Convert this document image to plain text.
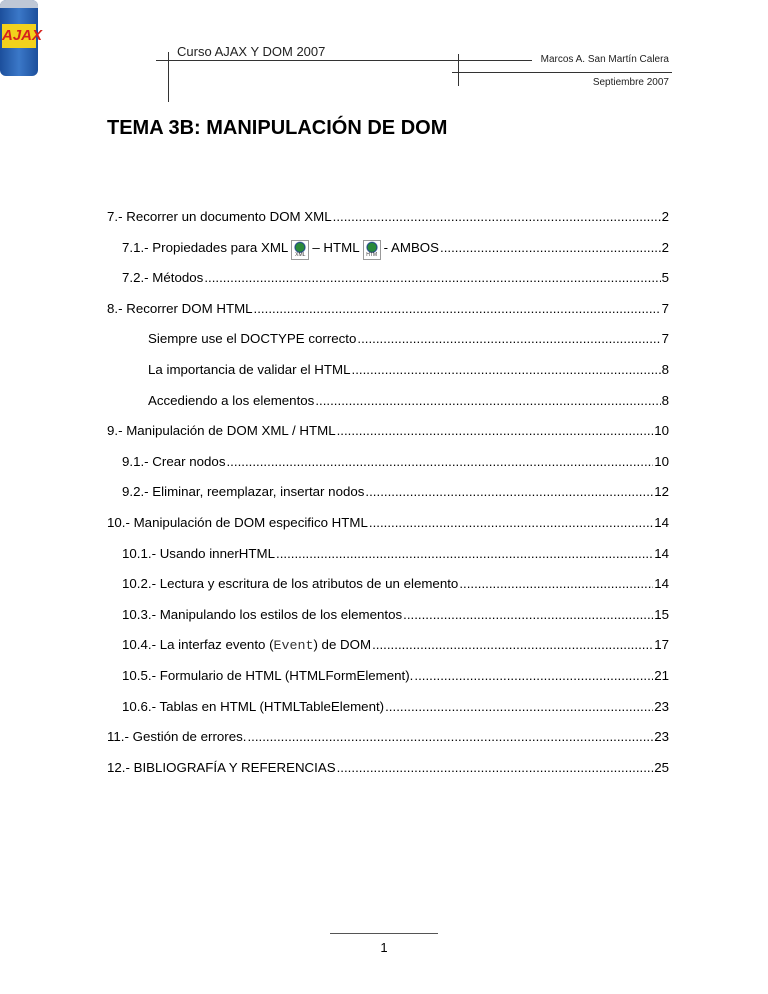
AJAX
Curso AJAX Y DOM 2007
Marcos A. San Martín Calera
Septiembre 2007
TEMA 3B: MANIPULACIÓN DE DOM
7.- Recorrer un documento DOM XML .....	2
7.1.- Propiedades para XML XML – HTML HTM - AMBOS .....	2
7.2.- Métodos .....	5
8.- Recorrer DOM HTML .....	7
Siempre use el DOCTYPE correcto .....	7
La importancia de validar el HTML .....	8
Accediendo a los elementos .....	8
9.- Manipulación de DOM XML / HTML .....	10
9.1.- Crear nodos .....	10
9.2.- Eliminar, reemplazar, insertar nodos .....	12
10.- Manipulación de DOM especifico HTML .....	14
10.1.- Usando innerHTML .....	14
10.2.- Lectura y escritura de los atributos de un elemento .....	14
10.3.- Manipulando los estilos de los elementos .....	15
10.4.- La interfaz evento (Event) de DOM .....	17
10.5.- Formulario de HTML (HTMLFormElement). .....	21
10.6.- Tablas en HTML (HTMLTableElement) .....	23
11.- Gestión de errores. .....	23
12.- BIBLIOGRAFÍA Y REFERENCIAS .....	25
1
